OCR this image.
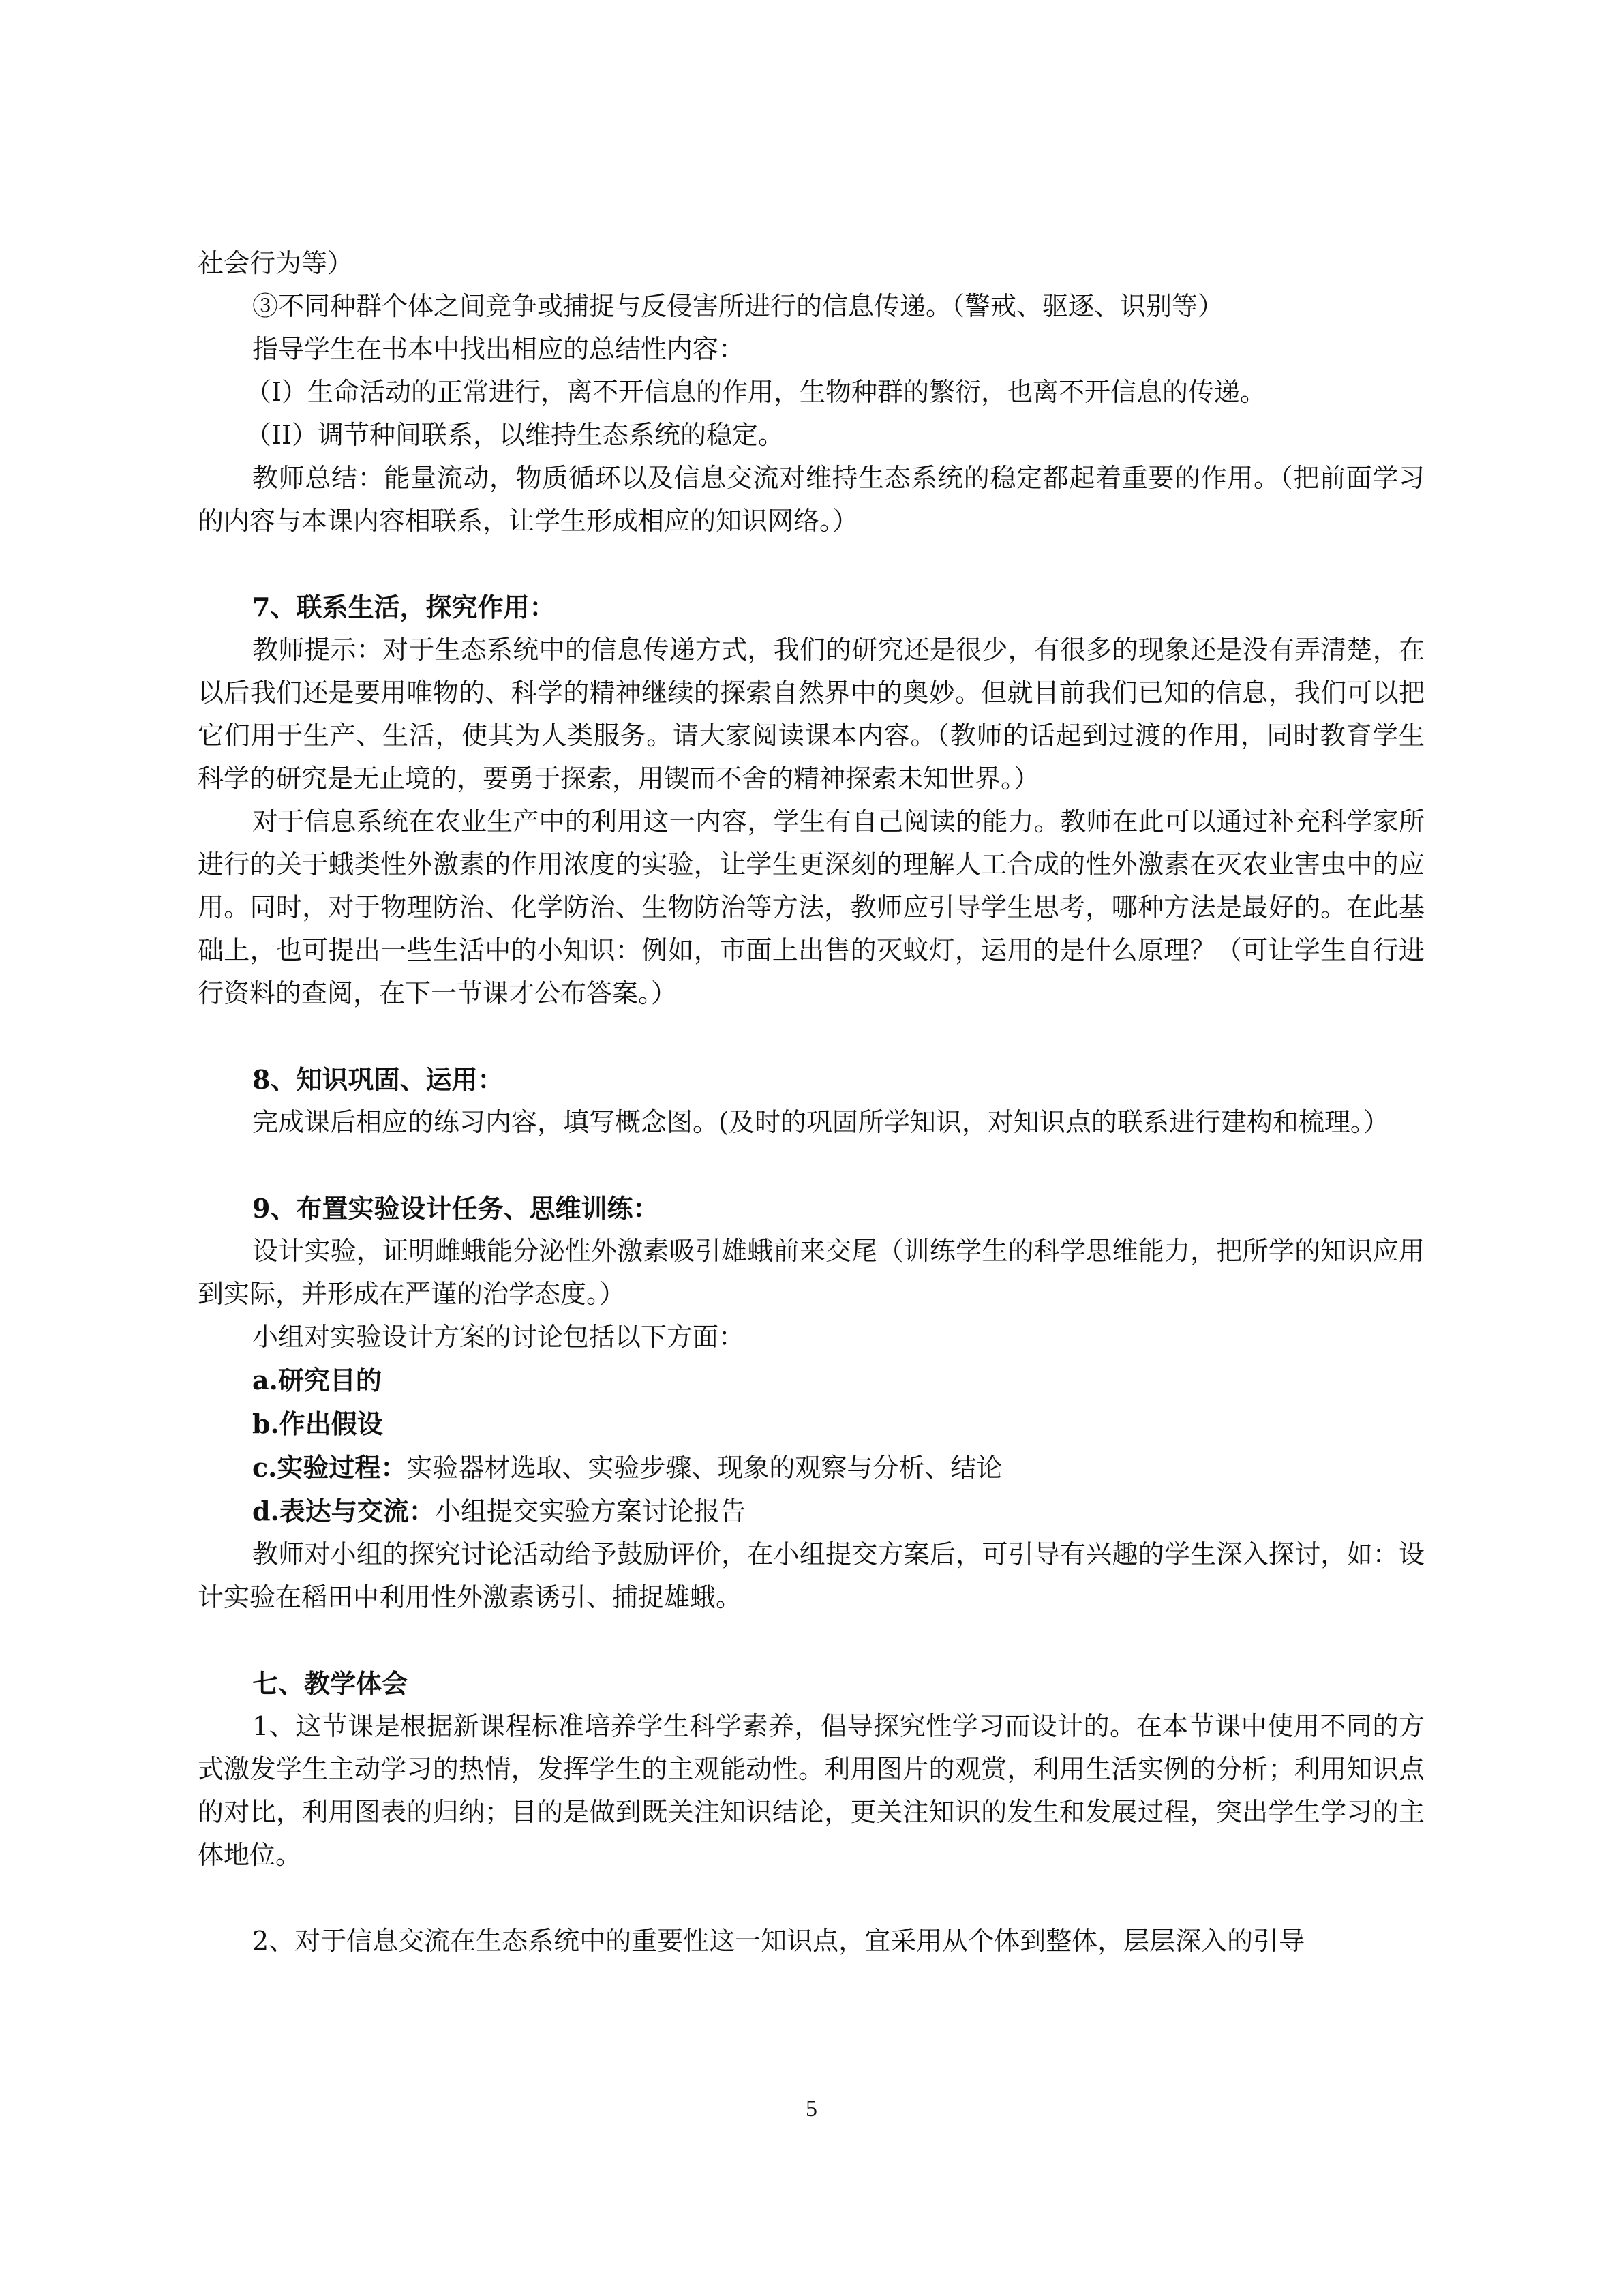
社会行为等）

③不同种群个体之间竞争或捕捉与反侵害所进行的信息传递。（警戒、驱逐、识别等）

指导学生在书本中找出相应的总结性内容：

（I）生命活动的正常进行，离不开信息的作用，生物种群的繁衍，也离不开信息的传递。

（II）调节种间联系，以维持生态系统的稳定。

教师总结：能量流动，物质循环以及信息交流对维持生态系统的稳定都起着重要的作用。（把前面学习的内容与本课内容相联系，让学生形成相应的知识网络。）

7、联系生活，探究作用：

教师提示：对于生态系统中的信息传递方式，我们的研究还是很少，有很多的现象还是没有弄清楚，在以后我们还是要用唯物的、科学的精神继续的探索自然界中的奥妙。但就目前我们已知的信息，我们可以把它们用于生产、生活，使其为人类服务。请大家阅读课本内容。（教师的话起到过渡的作用，同时教育学生科学的研究是无止境的，要勇于探索，用锲而不舍的精神探索未知世界。）

对于信息系统在农业生产中的利用这一内容，学生有自己阅读的能力。教师在此可以通过补充科学家所进行的关于蛾类性外激素的作用浓度的实验，让学生更深刻的理解人工合成的性外激素在灭农业害虫中的应用。同时，对于物理防治、化学防治、生物防治等方法，教师应引导学生思考，哪种方法是最好的。在此基础上，也可提出一些生活中的小知识：例如，市面上出售的灭蚊灯，运用的是什么原理？（可让学生自行进行资料的查阅，在下一节课才公布答案。）

8、知识巩固、运用：

完成课后相应的练习内容，填写概念图。(及时的巩固所学知识，对知识点的联系进行建构和梳理。）

9、布置实验设计任务、思维训练：

设计实验，证明雌蛾能分泌性外激素吸引雄蛾前来交尾（训练学生的科学思维能力，把所学的知识应用到实际，并形成在严谨的治学态度。）

小组对实验设计方案的讨论包括以下方面：

a.研究目的

b.作出假设

c.实验过程：实验器材选取、实验步骤、现象的观察与分析、结论

d.表达与交流：小组提交实验方案讨论报告

教师对小组的探究讨论活动给予鼓励评价，在小组提交方案后，可引导有兴趣的学生深入探讨，如：设计实验在稻田中利用性外激素诱引、捕捉雄蛾。

七、教学体会

1、这节课是根据新课程标准培养学生科学素养，倡导探究性学习而设计的。在本节课中使用不同的方式激发学生主动学习的热情，发挥学生的主观能动性。利用图片的观赏，利用生活实例的分析；利用知识点的对比，利用图表的归纳；目的是做到既关注知识结论，更关注知识的发生和发展过程，突出学生学习的主体地位。

2、对于信息交流在生态系统中的重要性这一知识点，宜采用从个体到整体，层层深入的引导

5
